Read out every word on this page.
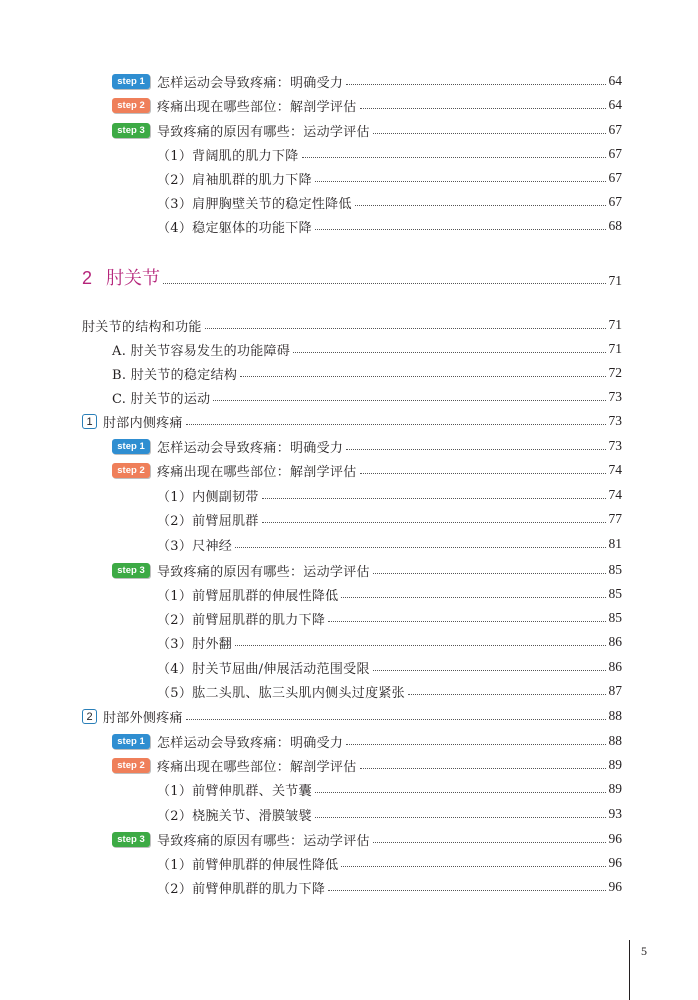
step 1 怎样运动会导致疼痛：明确受力	64
step 2 疼痛出现在哪些部位：解剖学评估	64
step 3 导致疼痛的原因有哪些：运动学评估	67
（1）背阔肌的肌力下降	67
（2）肩袖肌群的肌力下降	67
（3）肩胛胸壁关节的稳定性降低	67
（4）稳定躯体的功能下降	68
2 肘关节	71
肘关节的结构和功能	71
A. 肘关节容易发生的功能障碍	71
B. 肘关节的稳定结构	72
C. 肘关节的运动	73
1 肘部内侧疼痛	73
step 1 怎样运动会导致疼痛：明确受力	73
step 2 疼痛出现在哪些部位：解剖学评估	74
（1）内侧副韧带	74
（2）前臂屈肌群	77
（3）尺神经	81
step 3 导致疼痛的原因有哪些：运动学评估	85
（1）前臂屈肌群的伸展性降低	85
（2）前臂屈肌群的肌力下降	85
（3）肘外翻	86
（4）肘关节屈曲/伸展活动范围受限	86
（5）肱二头肌、肱三头肌内侧头过度紧张	87
2 肘部外侧疼痛	88
step 1 怎样运动会导致疼痛：明确受力	88
step 2 疼痛出现在哪些部位：解剖学评估	89
（1）前臂伸肌群、关节囊	89
（2）桡腕关节、滑膜皱襞	93
step 3 导致疼痛的原因有哪些：运动学评估	96
（1）前臂伸肌群的伸展性降低	96
（2）前臂伸肌群的肌力下降	96
5
